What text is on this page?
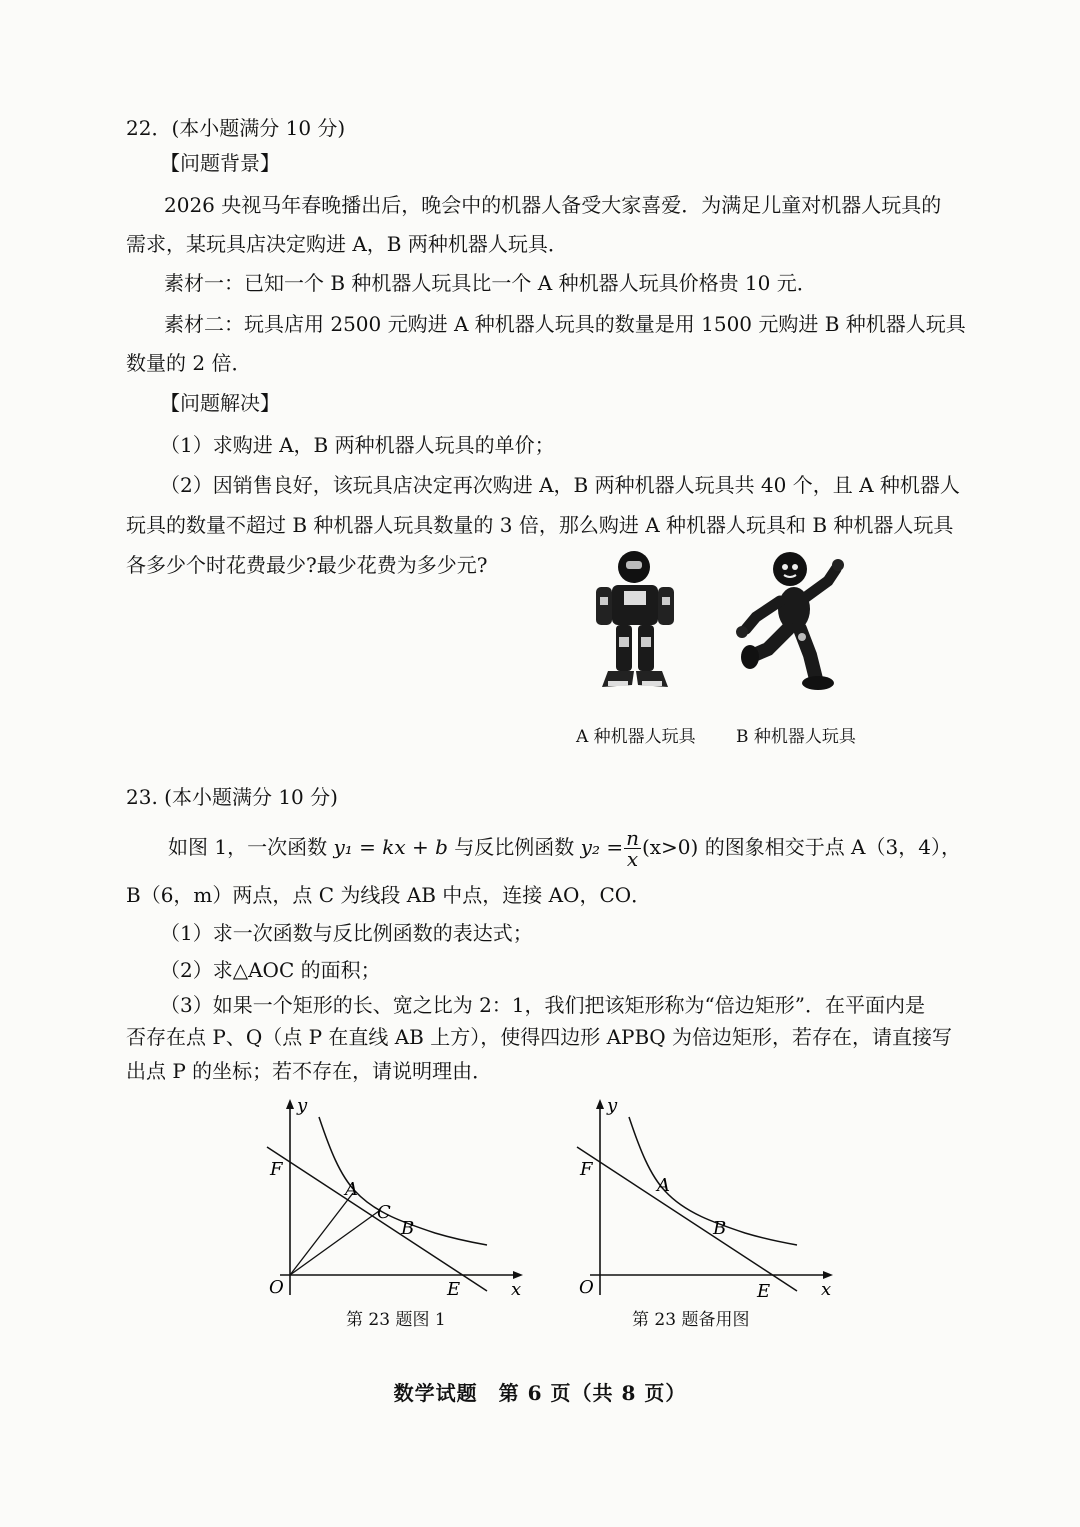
22．(本小题满分 10 分)
【问题背景】
2026 央视马年春晚播出后，晚会中的机器人备受大家喜爱．为满足儿童对机器人玩具的
需求，某玩具店决定购进 A，B 两种机器人玩具．
素材一：已知一个 B 种机器人玩具比一个 A 种机器人玩具价格贵 10 元．
素材二：玩具店用 2500 元购进 A 种机器人玩具的数量是用 1500 元购进 B 种机器人玩具
数量的 2 倍．
【问题解决】
（1）求购进 A，B 两种机器人玩具的单价；
（2）因销售良好，该玩具店决定再次购进 A，B 两种机器人玩具共 40 个，且 A 种机器人
玩具的数量不超过 B 种机器人玩具数量的 3 倍，那么购进 A 种机器人玩具和 B 种机器人玩具
各多少个时花费最少?最少花费为多少元?
A 种机器人玩具 B 种机器人玩具
23. (本小题满分 10 分)
如图 1，一次函数 y₁ = kx + b 与反比例函数 $y_2 = \frac{n}{x} (x>0)$ 的图象相交于点 A（3，4），
B（6，m）两点，点 C 为线段 AB 中点，连接 AO，CO．
（1）求一次函数与反比例函数的表达式；
（2）求△AOC 的面积；
（3）如果一个矩形的长、宽之比为 2：1，我们把该矩形称为“倍边矩形”．在平面内是
否存在点 P、Q（点 P 在直线 AB 上方），使得四边形 APBQ 为倍边矩形，若存在，请直接写
出点 P 的坐标；若不存在，请说明理由．
y
x
O
F
A
C
B
E
第 23 题图 1
y
x
O
F
A
B
E
第 23 题备用图
数学试题　第 6 页（共 8 页）
